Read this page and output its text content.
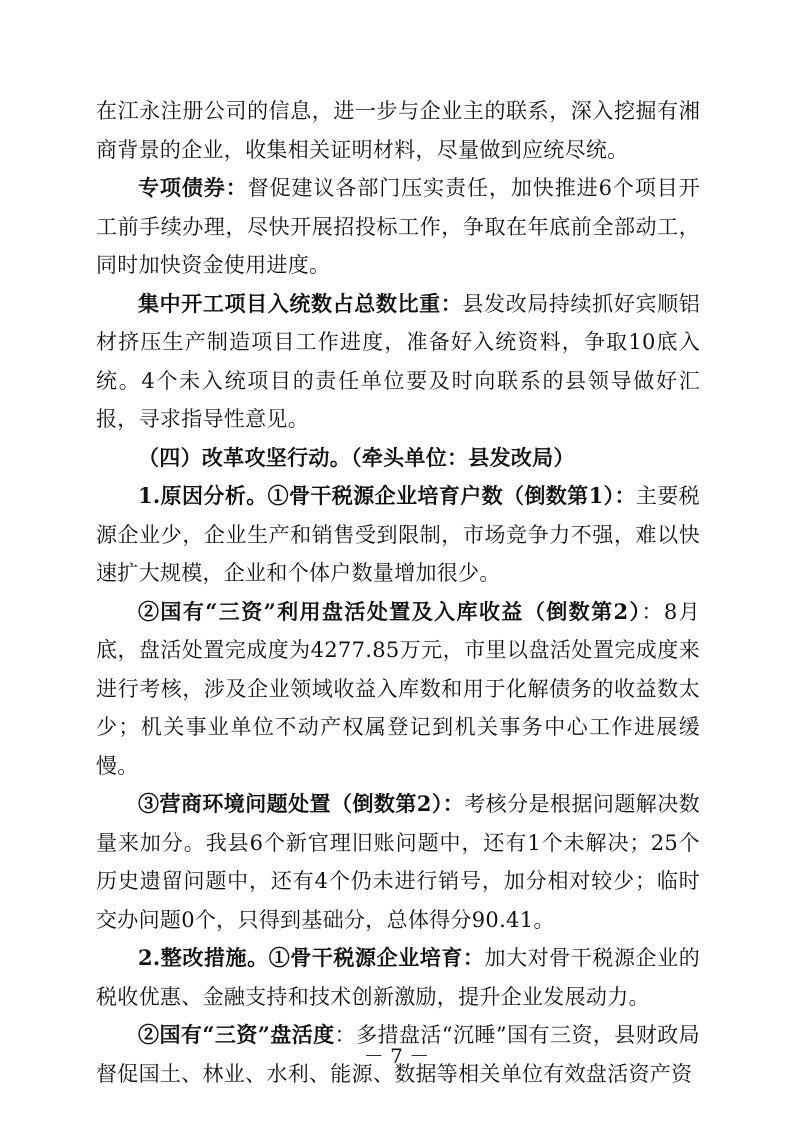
在江永注册公司的信息，进一步与企业主的联系，深入挖掘有湘商背景的企业，收集相关证明材料，尽量做到应统尽统。

专项债券：督促建议各部门压实责任，加快推进6个项目开工前手续办理，尽快开展招投标工作，争取在年底前全部动工，同时加快资金使用进度。

集中开工项目入统数占总数比重：县发改局持续抓好宾顺铝材挤压生产制造项目工作进度，准备好入统资料，争取10底入统。4个未入统项目的责任单位要及时向联系的县领导做好汇报，寻求指导性意见。

（四）改革攻坚行动。（牵头单位：县发改局）

1.原因分析。①骨干税源企业培育户数（倒数第1）：主要税源企业少，企业生产和销售受到限制，市场竞争力不强，难以快速扩大规模，企业和个体户数量增加很少。

②国有“三资”利用盘活处置及入库收益（倒数第2）：8月底，盘活处置完成度为4277.85万元，市里以盘活处置完成度来进行考核，涉及企业领域收益入库数和用于化解债务的收益数太少；机关事业单位不动产权属登记到机关事务中心工作进展缓慢。

③营商环境问题处置（倒数第2）：考核分是根据问题解决数量来加分。我县6个新官理旧账问题中，还有1个未解决；25个历史遗留问题中，还有4个仍未进行销号，加分相对较少；临时交办问题0个，只得到基础分，总体得分90.41。

2.整改措施。①骨干税源企业培育：加大对骨干税源企业的税收优惠、金融支持和技术创新激励，提升企业发展动力。

②国有“三资”盘活度：多措盘活“沉睡”国有三资，县财政局督促国土、林业、水利、能源、数据等相关单位有效盘活资产资

－ 7 －
